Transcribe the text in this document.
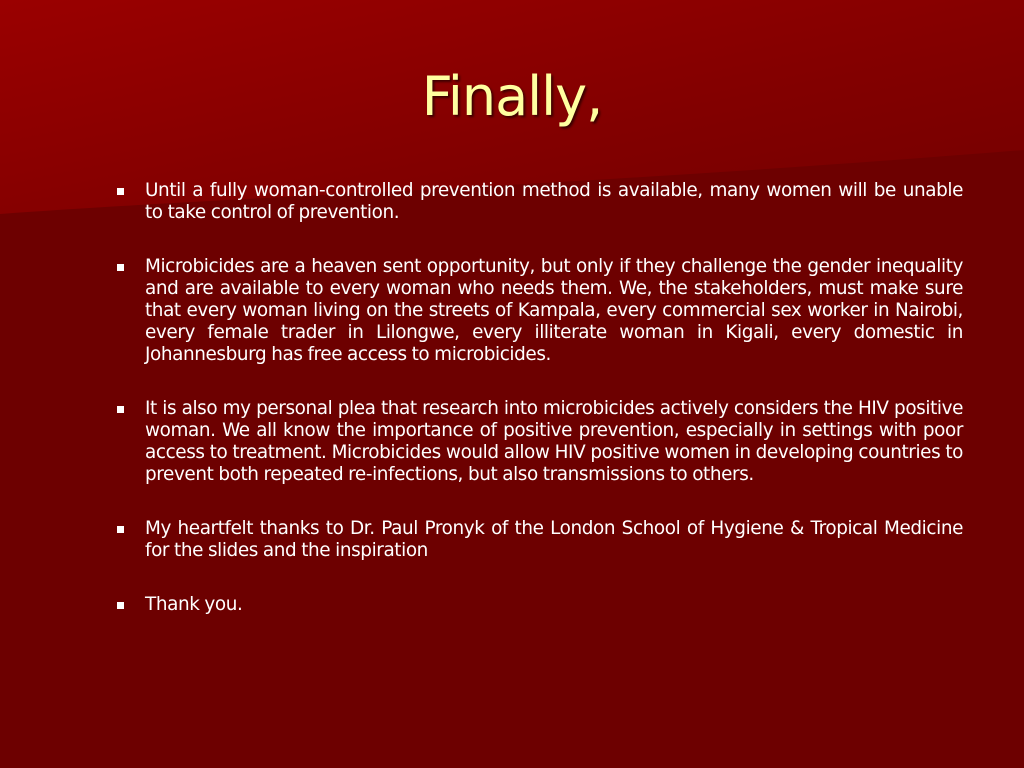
Finally,
Until a fully woman-controlled prevention method is available, many women will be unable to take control of prevention.
Microbicides are a heaven sent opportunity, but only if they challenge the gender inequality and are available to every woman who needs them. We, the stakeholders, must make sure that every woman living on the streets of Kampala, every commercial sex worker in Nairobi, every female trader in Lilongwe, every illiterate woman in Kigali, every domestic in Johannesburg has free access to microbicides.
It is also my personal plea that research into microbicides actively considers the HIV positive woman. We all know the importance of positive prevention, especially in settings with poor access to treatment. Microbicides would allow HIV positive women in developing countries to prevent both repeated re-infections, but also transmissions to others.
My heartfelt thanks to Dr. Paul Pronyk of the London School of Hygiene & Tropical Medicine for the slides and the inspiration
Thank you.
